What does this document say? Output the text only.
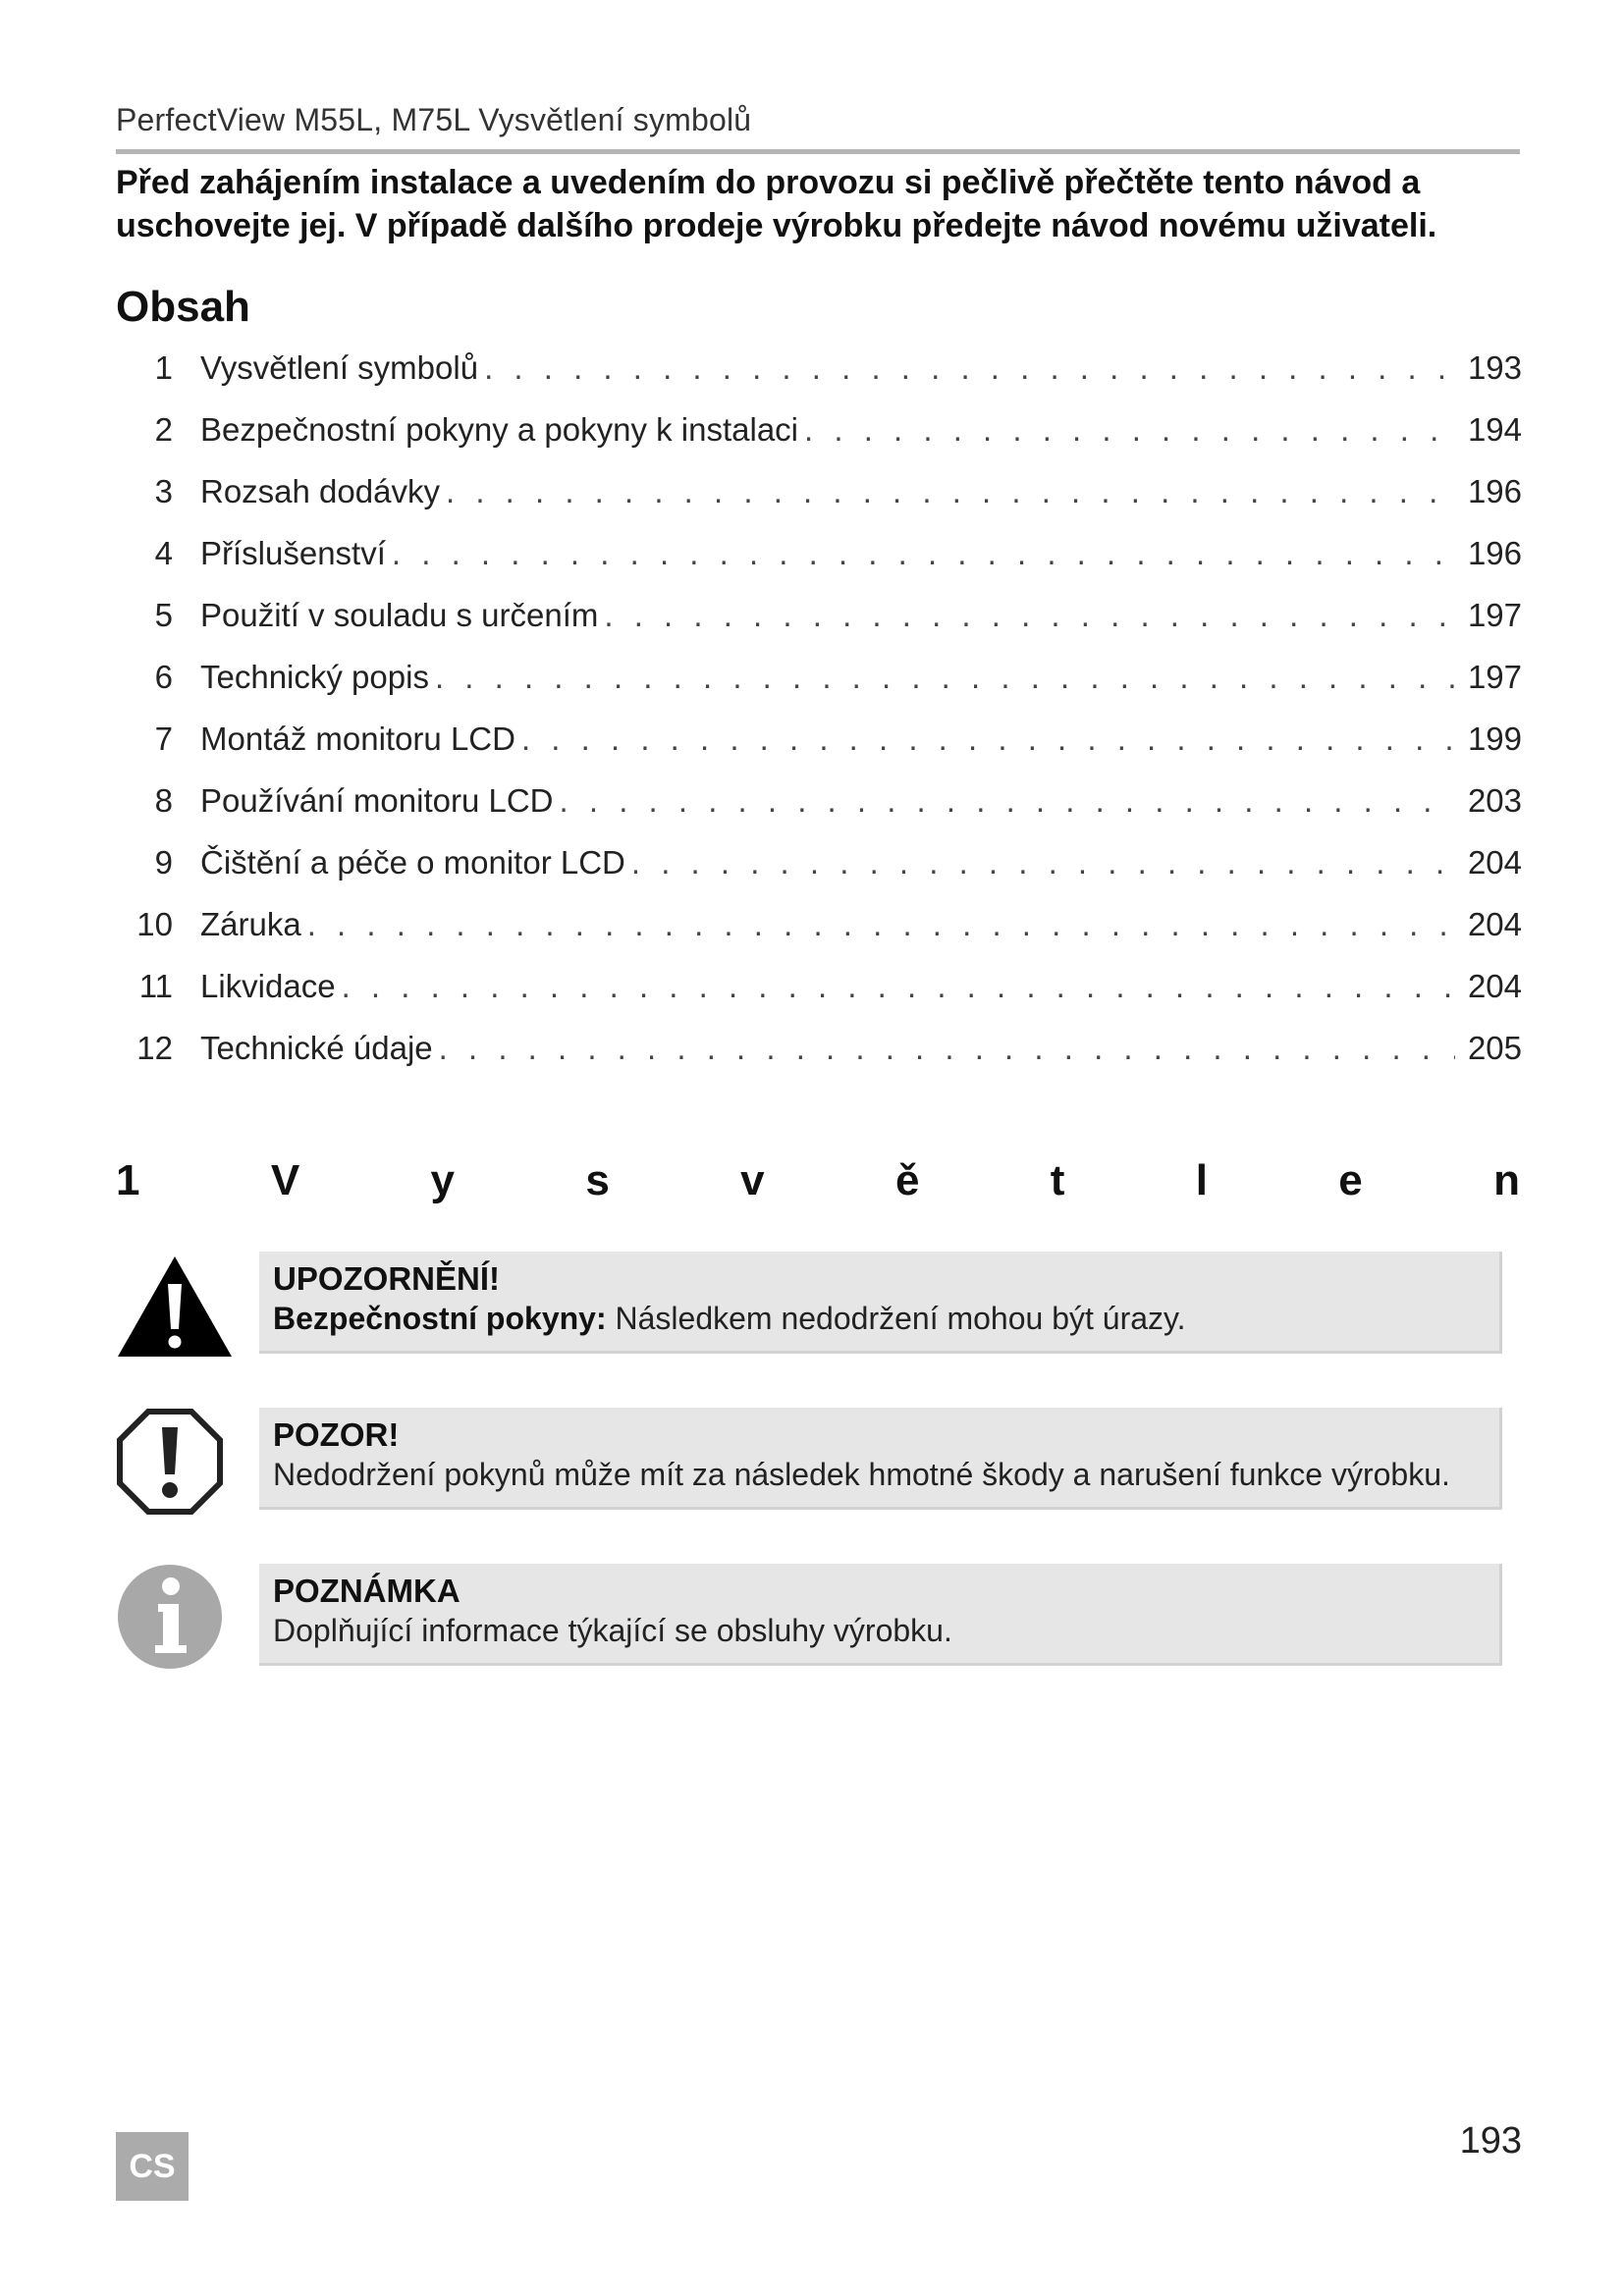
PerfectView M55L, M75L Vysvětlení symbolů
Před zahájením instalace a uvedením do provozu si pečlivě přečtěte tento návod a uschovejte jej. V případě dalšího prodeje výrobku předejte návod novému uživateli.
Obsah
1 Vysvětlení symbolů . . .	193
2 Bezpečnostní pokyny a pokyny k instalaci . . .	194
3 Rozsah dodávky . . .	196
4 Příslušenství . . .	196
5 Použití v souladu s určením . . .	197
6 Technický popis . . .	197
7 Montáž monitoru LCD . . .	199
8 Používání monitoru LCD . . .	203
9 Čištění a péče o monitor LCD . . .	204
10 Záruka . . .	204
11 Likvidace . . .	204
12 Technické údaje . . .	205
1	V	y	s	v	ě	t	l	e	n
UPOZORNĚNÍ!
Bezpečnostní pokyny: Následkem nedodržení mohou být úrazy.
POZOR!
Nedodržení pokynů může mít za následek hmotné škody a narušení funkce výrobku.
POZNÁMKA
Doplňující informace týkající se obsluhy výrobku.
CS
193
